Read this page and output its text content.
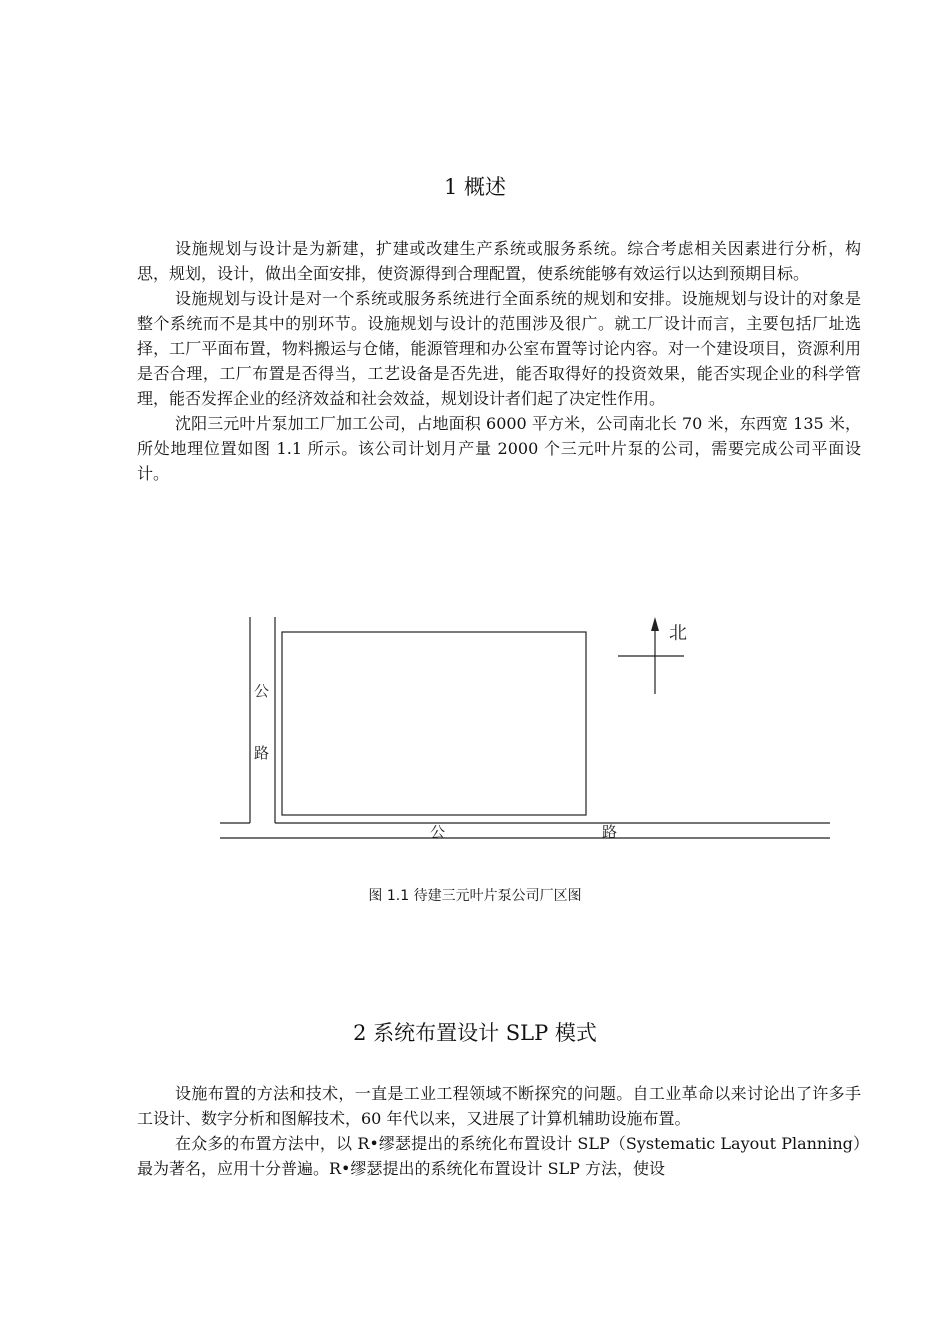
1 概述

设施规划与设计是为新建，扩建或改建生产系统或服务系统。综合考虑相关因素进行分析，构思，规划，设计，做出全面安排，使资源得到合理配置，使系统能够有效运行以达到预期目标。

设施规划与设计是对一个系统或服务系统进行全面系统的规划和安排。设施规划与设计的对象是整个系统而不是其中的别环节。设施规划与设计的范围涉及很广。就工厂设计而言，主要包括厂址选择，工厂平面布置，物料搬运与仓储，能源管理和办公室布置等讨论内容。对一个建设项目，资源利用是否合理，工厂布置是否得当，工艺设备是否先进，能否取得好的投资效果，能否实现企业的科学管理，能否发挥企业的经济效益和社会效益，规划设计者们起了决定性作用。

沈阳三元叶片泵加工厂加工公司，占地面积 6000 平方米，公司南北长 70 米，东西宽 135 米，所处地理位置如图 1.1 所示。该公司计划月产量 2000 个三元叶片泵的公司，需要完成公司平面设计。

公
路
公	路
北

图 1.1 待建三元叶片泵公司厂区图

2 系统布置设计 SLP 模式

设施布置的方法和技术，一直是工业工程领域不断探究的问题。自工业革命以来讨论出了许多手工设计、数字分析和图解技术，60 年代以来，又进展了计算机辅助设施布置。

在众多的布置方法中，以 R•缪瑟提出的系统化布置设计 SLP（Systematic Layout Planning）最为著名，应用十分普遍。R•缪瑟提出的系统化布置设计 SLP 方法，使设
